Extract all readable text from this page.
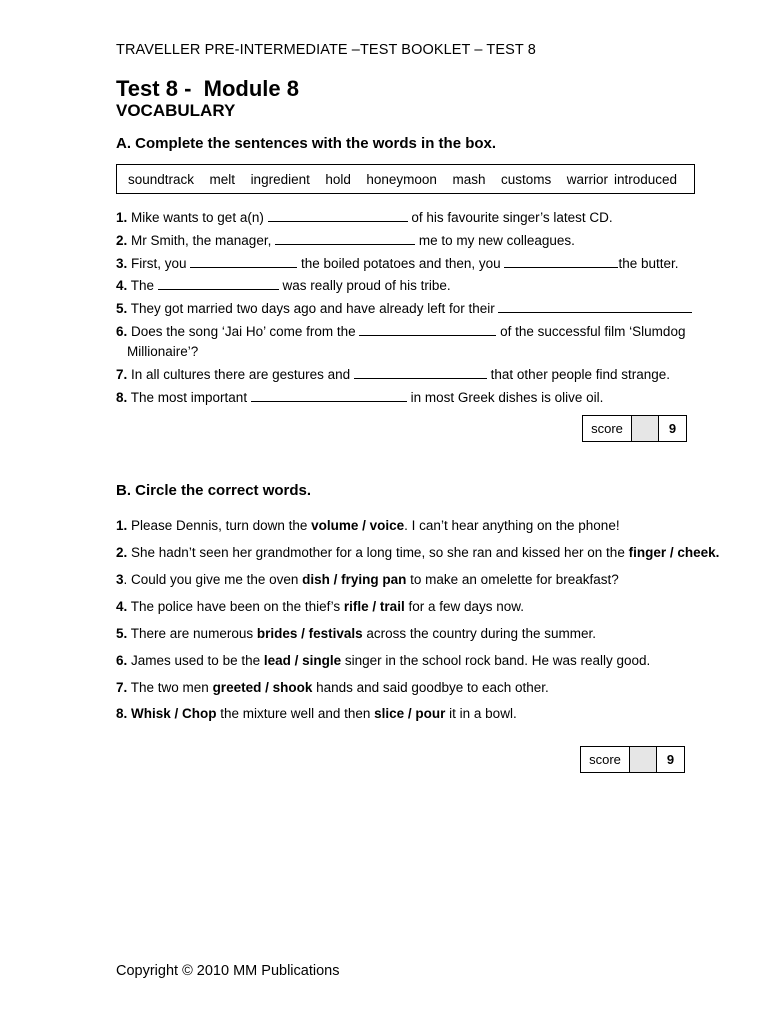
TRAVELLER PRE-INTERMEDIATE –TEST BOOKLET – TEST 8
Test 8 -  Module 8
VOCABULARY
A. Complete the sentences with the words in the box.
soundtrack melt ingredient hold honeymoon mash customs warrior introduced
1. Mike wants to get a(n)	of his favourite singer’s latest CD.
2. Mr Smith, the manager,	me to my new colleagues.
3. First, you	the boiled potatoes and then, you	the butter.
4. The	was really proud of his tribe.
5. They got married two days ago and have already left for their
6. Does the song ‘Jai Ho’ come from the	of the successful film ‘Slumdog
Millionaire’?
7. In all cultures there are gestures and	that other people find strange.
8. The most important	in most Greek dishes is olive oil.
score	9
B. Circle the correct words.
1. Please Dennis, turn down the volume / voice. I can’t hear anything on the phone!
2. She hadn’t seen her grandmother for a long time, so she ran and kissed her on the finger / cheek.
3. Could you give me the oven dish / frying pan to make an omelette for breakfast?
4. The police have been on the thief’s rifle / trail for a few days now.
5. There are numerous brides / festivals across the country during the summer.
6. James used to be the lead / single singer in the school rock band. He was really good.
7. The two men greeted / shook hands and said goodbye to each other.
8. Whisk / Chop the mixture well and then slice / pour it in a bowl.
score	9
Copyright © 2010 MM Publications
